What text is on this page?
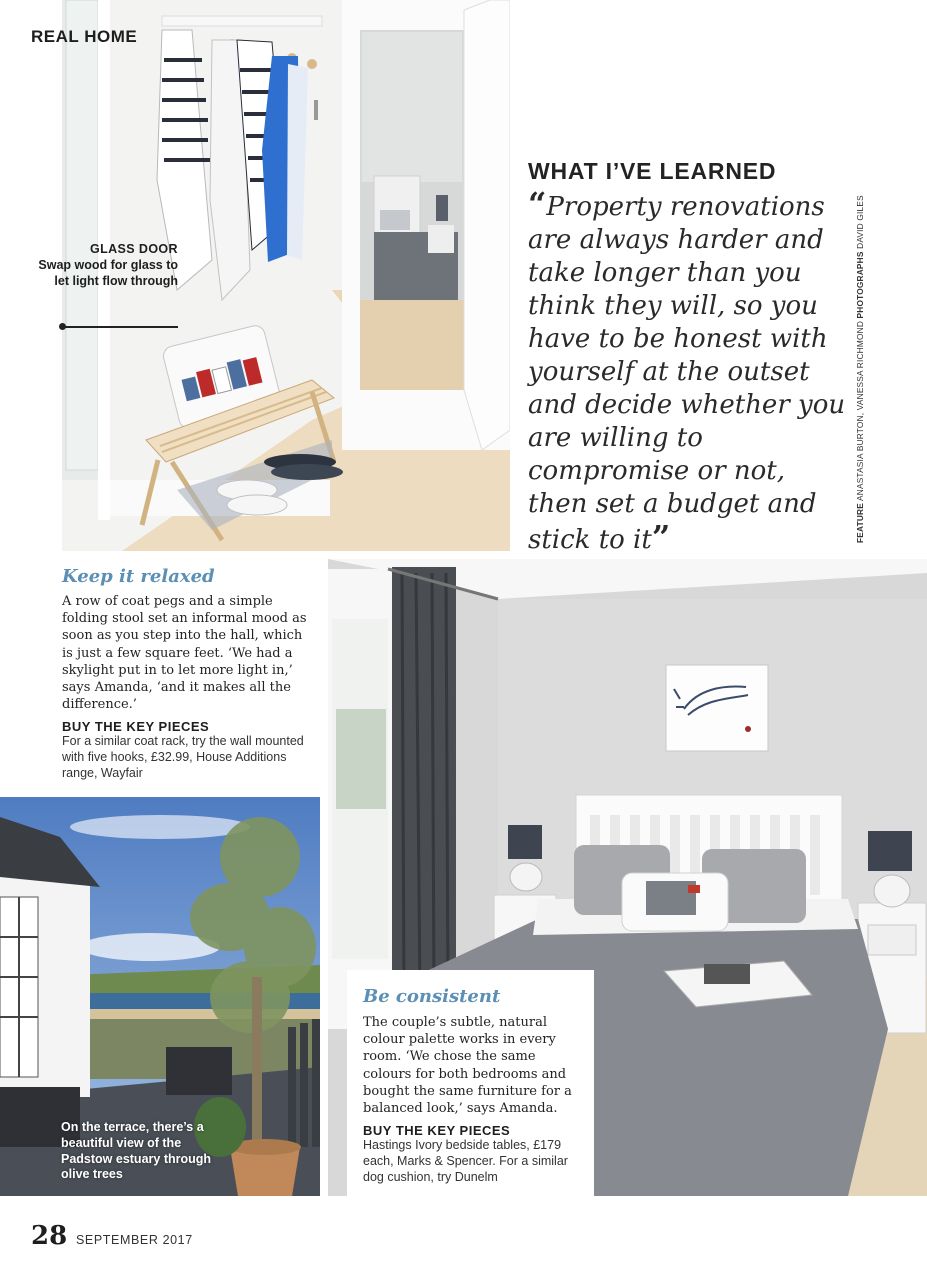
REAL HOME
GLASS DOOR
Swap wood for glass to let light flow through
WHAT I’VE LEARNED
“Property renovations are always harder and take longer than you think they will, so you have to be honest with yourself at the outset and decide whether you are willing to compromise or not, then set a budget and stick to it”	FEATURE ANASTASIA BURTON, VANESSA RICHMOND PHOTOGRAPHS DAVID GILES
Keep it relaxed
A row of coat pegs and a simple folding stool set an informal mood as soon as you step into the hall, which is just a few square feet. ‘We had a skylight put in to let more light in,’ says Amanda, ‘and it makes all the difference.’
BUY THE KEY PIECES
For a similar coat rack, try the wall mounted with five hooks, £32.99, House Additions range, Wayfair
Be consistent
The couple’s subtle, natural colour palette works in every room. ‘We chose the same colours for both bedrooms and bought the same furniture for a balanced look,’ says Amanda.
BUY THE KEY PIECES
Hastings Ivory bedside tables, £179 each, Marks & Spencer. For a similar dog cushion, try Dunelm
On the terrace, there’s a beautiful view of the Padstow estuary through olive trees
28 SEPTEMBER 2017
